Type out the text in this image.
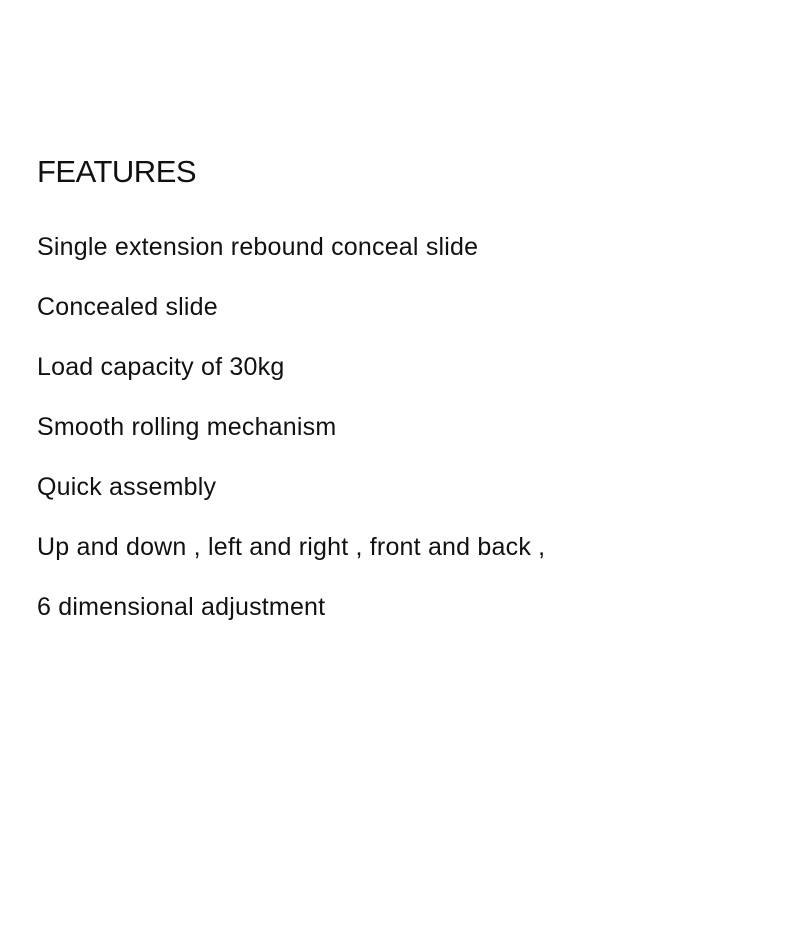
FEATURES
Single extension rebound conceal slide
Concealed slide
Load capacity of 30kg
Smooth rolling mechanism
Quick assembly
Up and down , left and right , front and back ,
6 dimensional adjustment
